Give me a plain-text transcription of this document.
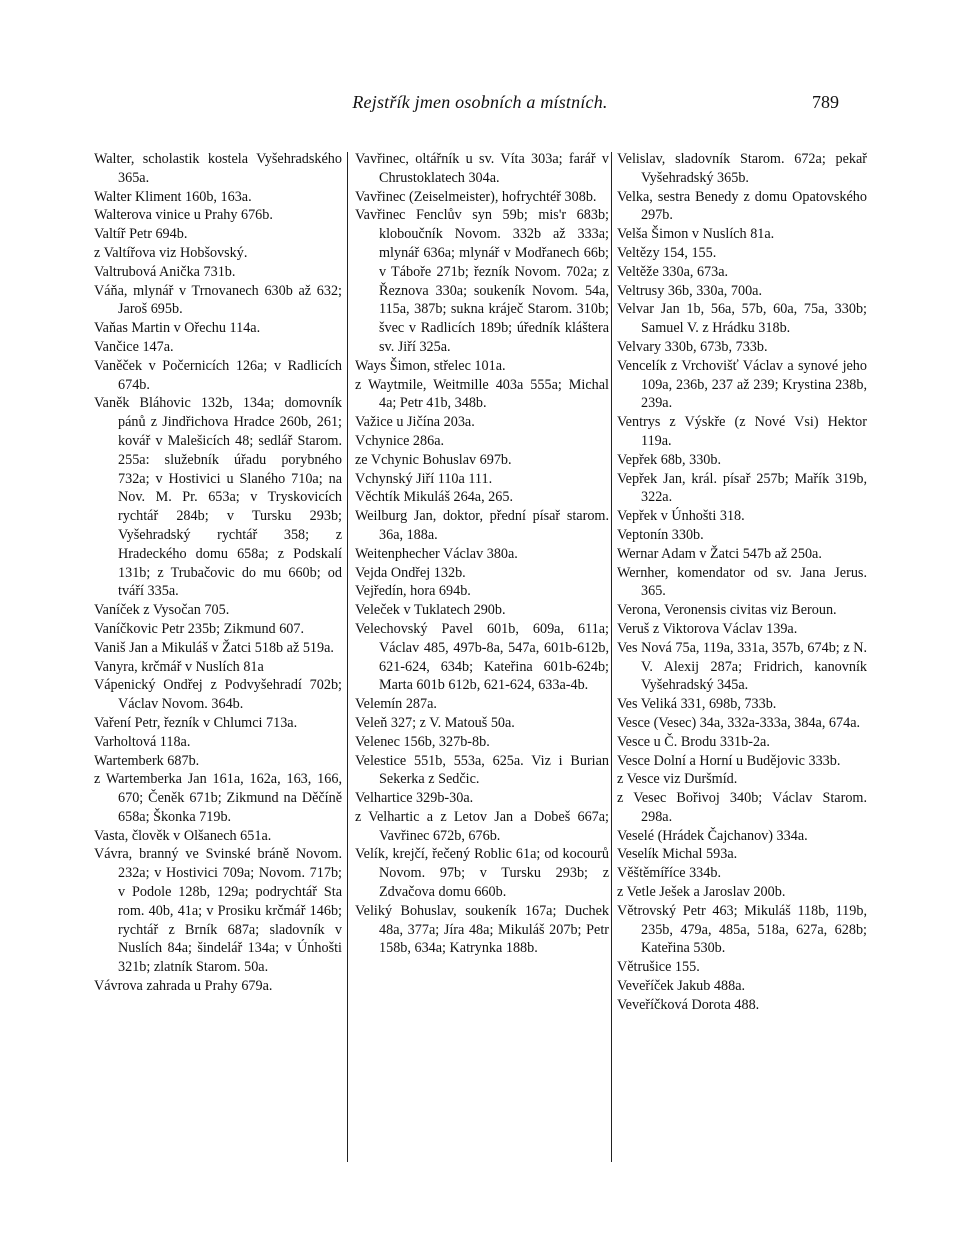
Rejstřík jmen osobních a místních.	789

Walter, scholastik kostela Vyšehradského 365a.

Walter Kliment 160b, 163a.

Walterova vinice u Prahy 676b.

Valtíř Petr 694b.

z Valtířova viz Hobšovský.

Valtrubová Anička 731b.

Váňa, mlynář v Trnovanech 630b až 632; Jaroš 695b.

Vaňas Martin v Ořechu 114a.

Vančice 147a.

Vaněček v Počernicích 126a; v Radlicích 674b.

Vaněk Bláhovic 132b, 134a; domovník pánů z Jindřichova Hradce 260b, 261; kovář v Malešicích 48; sedlář Starom. 255a: služebník úřadu porybného 732a; v Hostivici u Slaného 710a; na Nov. M. Pr. 653a; v Tryskovicích rychtář 284b; v Tursku 293b; Vyšehradský rychtář 358; z Hradeckého domu 658a; z Podskalí 131b; z Trubačovic do mu 660b; od tváří 335a.

Vaníček z Vysočan 705.

Vaníčkovic Petr 235b; Zikmund 607.

Vaniš Jan a Mikuláš v Žatci 518b až 519a.

Vanyra, krčmář v Nuslích 81a

Vápenický Ondřej z Podvyšehradí 702b; Václav Novom. 364b.

Vaření Petr, řezník v Chlumci 713a.

Varholtová 118a.

Wartemberk 687b.

z Wartemberka Jan 161a, 162a, 163, 166, 670; Čeněk 671b; Zikmund na Děčíně 658a; Škonka 719b.

Vasta, člověk v Olšanech 651a.

Vávra, branný ve Svinské bráně Novom. 232a; v Hostivici 709a; Novom. 717b; v Podole 128b, 129a; podrychtář Sta rom. 40b, 41a; v Prosiku krčmář 146b; rychtář z Brník 687a; sladovník v Nuslích 84a; šindelář 134a; v Únhošti 321b; zlatník Starom. 50a.

Vávrova zahrada u Prahy 679a.

Vavřinec, oltářník u sv. Víta 303a; farář v Chrustoklatech 304a.

Vavřinec (Zeiselmeister), hofrychtéř 308b.

Vavřinec Fenclův syn 59b; mis'r 683b; kloboučník Novom. 332b až 333a; mlynář 636a; mlynář v Modřanech 66b; v Táboře 271b; řezník Novom. 702a; z Řeznova 330a; soukeník Novom. 54a, 115a, 387b; sukna kráječ Starom. 310b; švec v Radlicích 189b; úředník kláštera sv. Jiří 325a.

Ways Šimon, střelec 101a.

z Waytmile, Weitmille 403a 555a; Michal 4a; Petr 41b, 348b.

Važice u Jičína 203a.

Vchynice 286a.

ze Vchynic Bohuslav 697b.

Vchynský Jiří 110a 111.

Věchtík Mikuláš 264a, 265.

Weilburg Jan, doktor, přední písař starom. 36a, 188a.

Weitenphecher Václav 380a.

Vejda Ondřej 132b.

Vejředín, hora 694b.

Veleček v Tuklatech 290b.

Velechovský Pavel 601b, 609a, 611a; Václav 485, 497b-8a, 547a, 601b-612b, 621-624, 634b; Kateřina 601b-624b; Marta 601b 612b, 621-624, 633a-4b.

Velemín 287a.

Veleň 327; z V. Matouš 50a.

Velenec 156b, 327b-8b.

Velestice 551b, 553a, 625a. Viz i Burian Sekerka z Sedčic.

Velhartice 329b-30a.

z Velhartic a z Letov Jan a Dobeš 667a; Vavřinec 672b, 676b.

Velík, krejčí, řečený Roblic 61a; od kocourů Novom. 97b; v Tursku 293b; z Zdvačova domu 660b.

Veliký Bohuslav, soukeník 167a; Duchek 48a, 377a; Jíra 48a; Mikuláš 207b; Petr 158b, 634a; Katrynka 188b.

Velislav, sladovník Starom. 672a; pekař Vyšehradský 365b.

Velka, sestra Benedy z domu Opatovského 297b.

Velša Šimon v Nuslích 81a.

Veltězy 154, 155.

Veltěže 330a, 673a.

Veltrusy 36b, 330a, 700a.

Velvar Jan 1b, 56a, 57b, 60a, 75a, 330b; Samuel V. z Hrádku 318b.

Velvary 330b, 673b, 733b.

Vencelík z Vrchovišť Václav a synové jeho 109a, 236b, 237 až 239; Krystina 238b, 239a.

Ventrys z Výskře (z Nové Vsi) Hektor 119a.

Vepřek 68b, 330b.

Vepřek Jan, král. písař 257b; Mařík 319b, 322a.

Vepřek v Únhošti 318.

Veptonín 330b.

Wernar Adam v Žatci 547b až 250a.

Wernher, komendator od sv. Jana Jerus. 365.

Verona, Veronensis civitas viz Beroun.

Veruš z Viktorova Václav 139a.

Ves Nová 75a, 119a, 331a, 357b, 674b; z N. V. Alexij 287a; Fridrich, kanovník Vyšehradský 345a.

Ves Veliká 331, 698b, 733b.

Vesce (Vesec) 34a, 332a-333a, 384a, 674a.

Vesce u Č. Brodu 331b-2a.

Vesce Dolní a Horní u Budějovic 333b.

z Vesce viz Duršmíd.

z Vesec Bořivoj 340b; Václav Starom. 298a.

Veselé (Hrádek Čajchanov) 334a.

Veselík Michal 593a.

Věštěmíříce 334b.

z Vetle Ješek a Jaroslav 200b.

Větrovský Petr 463; Mikuláš 118b, 119b, 235b, 479a, 485a, 518a, 627a, 628b; Kateřina 530b.

Větrušice 155.

Veveříček Jakub 488a.

Veveříčková Dorota 488.
